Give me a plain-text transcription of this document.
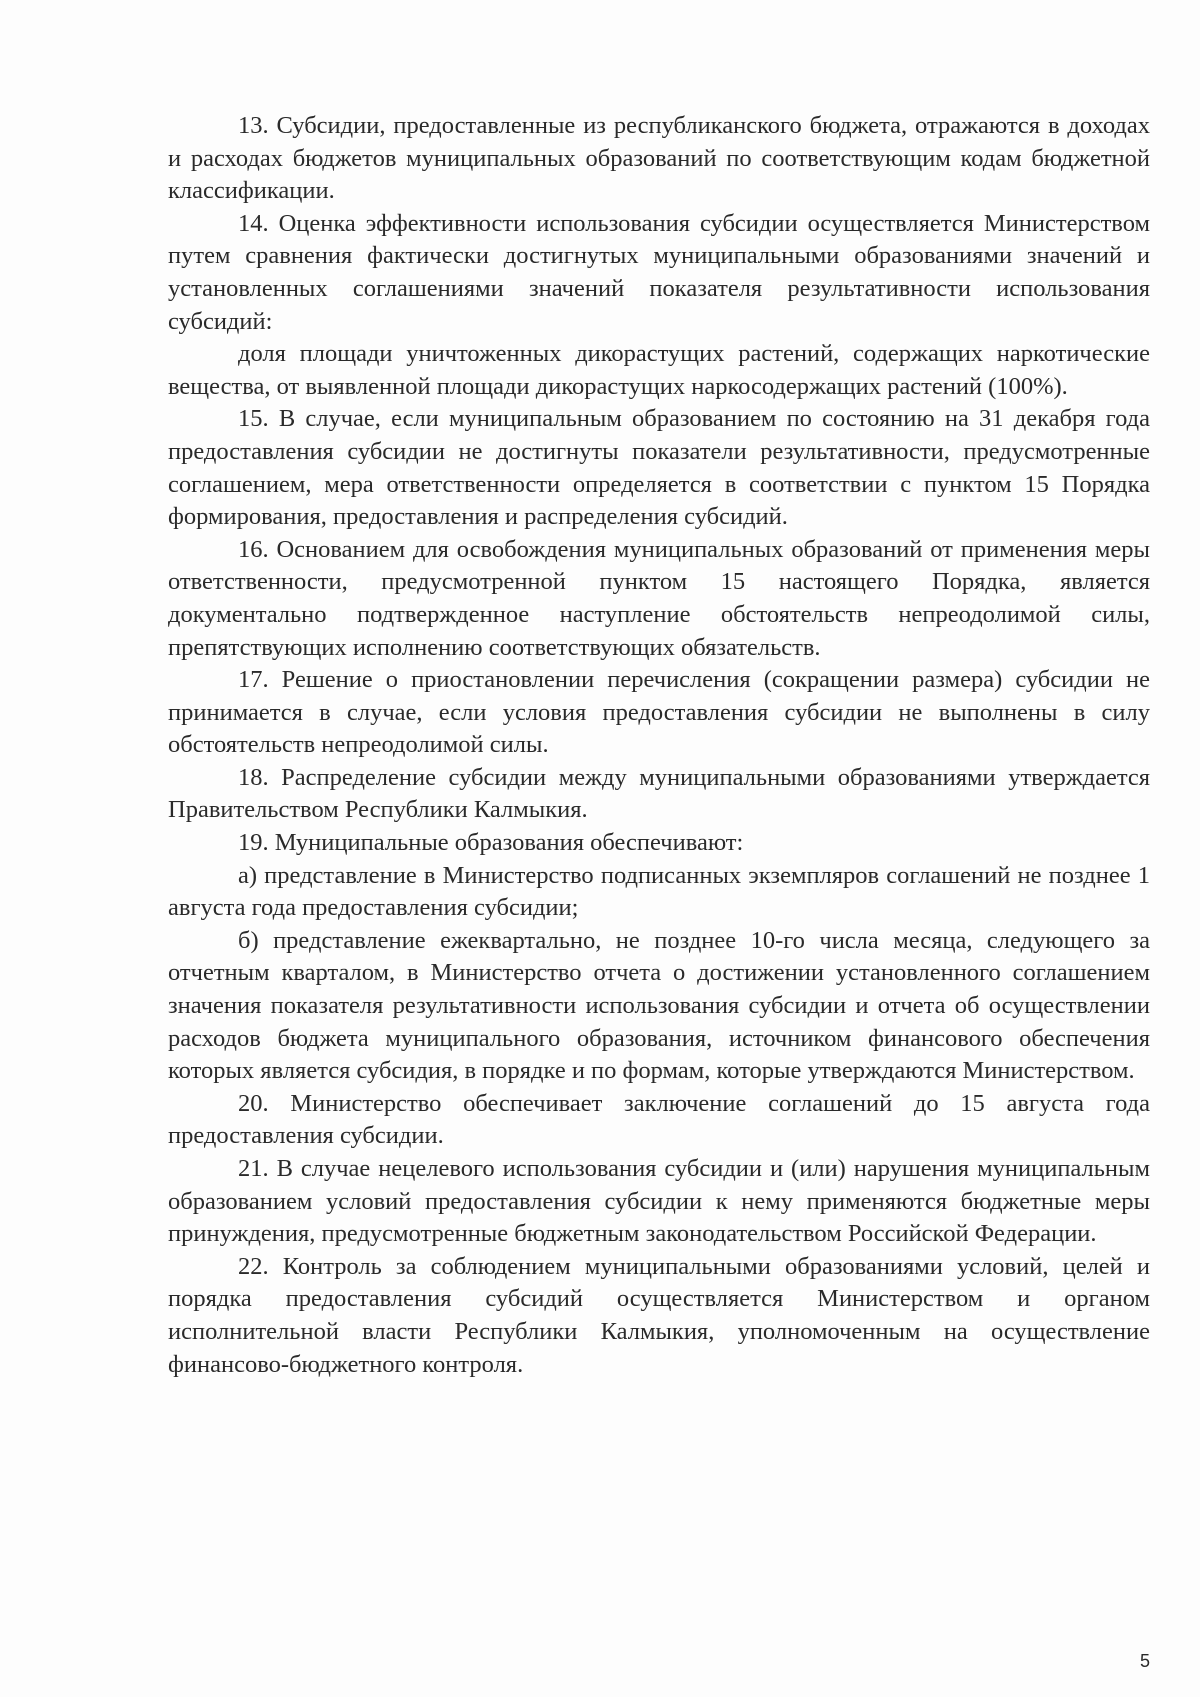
13. Субсидии, предоставленные из республиканского бюджета, отражаются в доходах и расходах бюджетов муниципальных образований по соответствующим кодам бюджетной классификации.

14. Оценка эффективности использования субсидии осуществляется Министерством путем сравнения фактически достигнутых муниципальными образованиями значений и установленных соглашениями значений показателя результативности использования субсидий:

доля площади уничтоженных дикорастущих растений, содержащих наркотические вещества, от выявленной площади дикорастущих наркосодержащих растений (100%).

15. В случае, если муниципальным образованием по состоянию на 31 декабря года предоставления субсидии не достигнуты показатели результативности, предусмотренные соглашением, мера ответственности определяется в соответствии с пунктом 15 Порядка формирования, предоставления и распределения субсидий.

16. Основанием для освобождения муниципальных образований от применения меры ответственности, предусмотренной пунктом 15 настоящего Порядка, является документально подтвержденное наступление обстоятельств непреодолимой силы, препятствующих исполнению соответствующих обязательств.

17. Решение о приостановлении перечисления (сокращении размера) субсидии не принимается в случае, если условия предоставления субсидии не выполнены в силу обстоятельств непреодолимой силы.

18. Распределение субсидии между муниципальными образованиями утверждается Правительством Республики Калмыкия.

19. Муниципальные образования обеспечивают:

а) представление в Министерство подписанных экземпляров соглашений не позднее 1 августа года предоставления субсидии;

б) представление ежеквартально, не позднее 10-го числа месяца, следующего за отчетным кварталом, в Министерство отчета о достижении установленного соглашением значения показателя результативности использования субсидии и отчета об осуществлении расходов бюджета муниципального образования, источником финансового обеспечения которых является субсидия, в порядке и по формам, которые утверждаются Министерством.

20. Министерство обеспечивает заключение соглашений до 15 августа года предоставления субсидии.

21. В случае нецелевого использования субсидии и (или) нарушения муниципальным образованием условий предоставления субсидии к нему применяются бюджетные меры принуждения, предусмотренные бюджетным законодательством Российской Федерации.

22. Контроль за соблюдением муниципальными образованиями условий, целей и порядка предоставления субсидий осуществляется Министерством и органом исполнительной власти Республики Калмыкия, уполномоченным на осуществление финансово-бюджетного контроля.

5
